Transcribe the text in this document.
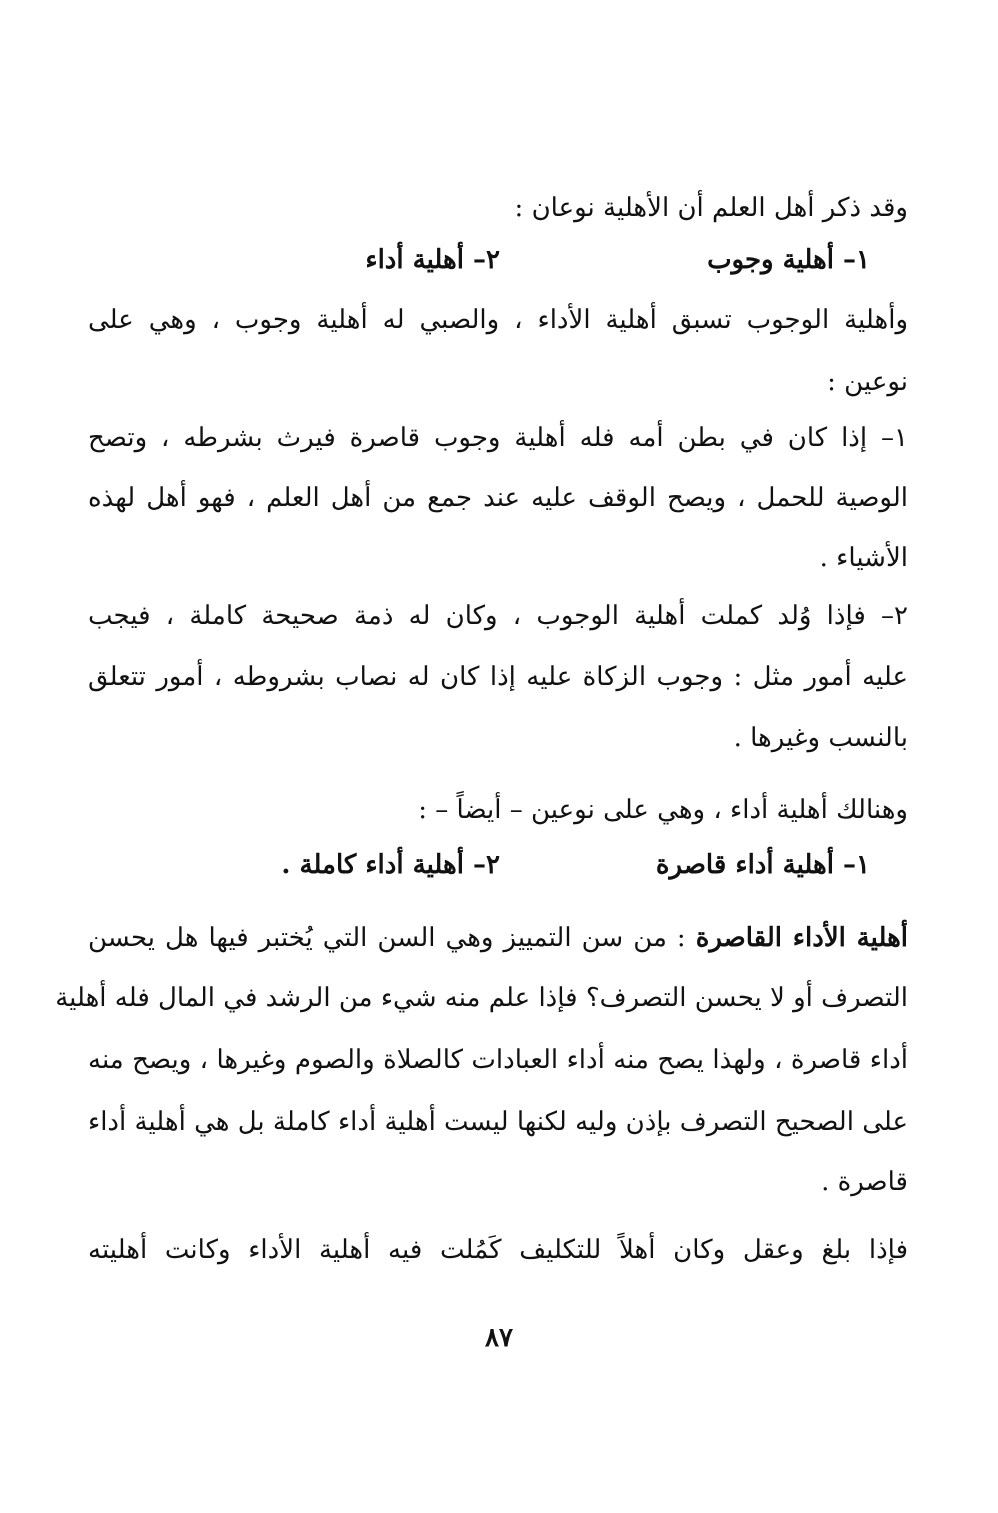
وقد ذكر أهل العلم أن الأهلية نوعان :
١– أهلية وجوب
٢– أهلية أداء
وأهلية الوجوب تسبق أهلية الأداء ، والصبي له أهلية وجوب ، وهي على
نوعين :
١– إذا كان في بطن أمه فله أهلية وجوب قاصرة فيرث بشرطه ، وتصح
الوصية للحمل ، ويصح الوقف عليه عند جمع من أهل العلم ، فهو أهل لهذه
الأشياء .
٢– فإذا وُلد كملت أهلية الوجوب ، وكان له ذمة صحيحة كاملة ، فيجب
عليه أمور مثل : وجوب الزكاة عليه إذا كان له نصاب بشروطه ، أمور تتعلق
بالنسب وغيرها .
وهنالك أهلية أداء ، وهي على نوعين – أيضاً – :
١– أهلية أداء قاصرة
٢– أهلية أداء كاملة .
أهلية الأداء القاصرة : من سن التمييز وهي السن التي يُختبر فيها هل يحسن
التصرف أو لا يحسن التصرف؟ فإذا علم منه شيء من الرشد في المال فله أهلية
أداء قاصرة ، ولهذا يصح منه أداء العبادات كالصلاة والصوم وغيرها ، ويصح منه
على الصحيح التصرف بإذن وليه لكنها ليست أهلية أداء كاملة بل هي أهلية أداء
قاصرة .
فإذا بلغ وعقل وكان أهلاً للتكليف كَمُلت فيه أهلية الأداء وكانت أهليته
٨٧
